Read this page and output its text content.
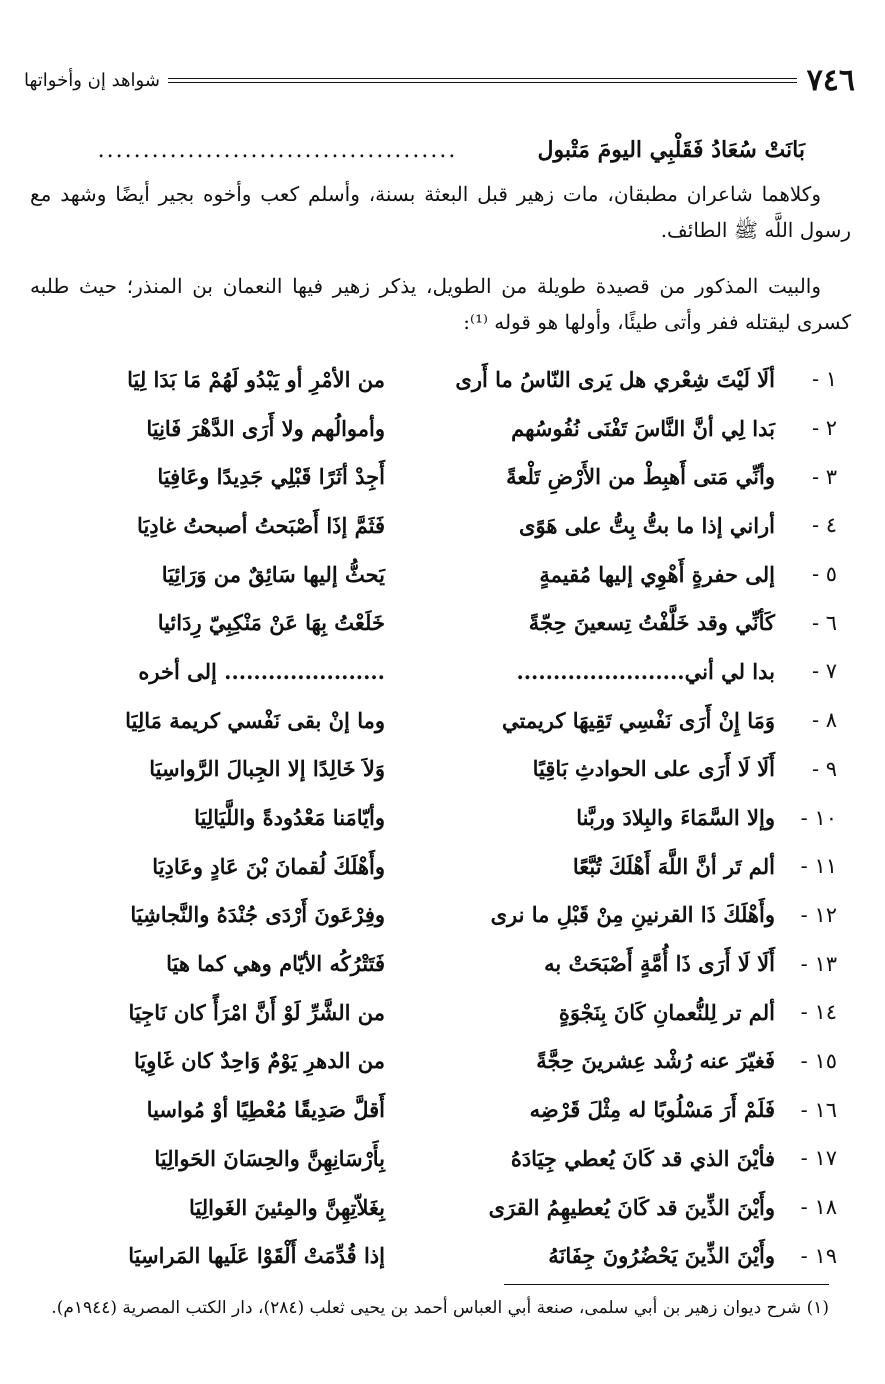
٧٤٦
شواهد إن وأخواتها
بَانَتْ سُعَادُ فَقَلْبِي اليومَ مَتْبول
........................................
وكلاهما شاعران مطبقان، مات زهير قبل البعثة بسنة، وأسلم كعب وأخوه بجير أيضًا وشهد مع رسول اللَّه ﷺ الطائف.
والبيت المذكور من قصيدة طويلة من الطويل، يذكر زهير فيها النعمان بن المنذر؛ حيث طلبه كسرى ليقتله ففر وأتى طيئًا، وأولها هو قوله ⁽¹⁾:
١ -
ألَا لَيْتَ شِعْري هل يَرى النّاسُ ما أَرى
من الأمْرِ أو يَبْدُو لَهُمْ مَا بَدَا لِيَا
٢ -
بَدا لِي أنَّ النَّاسَ تَفْنَى نُفُوسُهم
وأموالُهم ولا أَرَى الدَّهْرَ فَانِيَا
٣ -
وأنِّي مَتى أَهبِطْ من الأَرْضِ تَلْعةً
أَجِدْ أثَرًا قَبْلِي جَدِيدًا وعَافِيَا
٤ -
أراني إذا ما بتُّ بِتُّ على هَوًى
فَثَمَّ إذَا أَصْبَحتُ أصبحتُ غادِيَا
٥ -
إلى حفرةٍ أَهْوِي إليها مُقيمةٍ
يَحثُّ إليها سَائِقٌ من وَرَائِيَا
٦ -
كَأنِّي وقد خَلَّفْتُ تِسعينَ حِجّةً
خَلَعْتُ بِهَا عَنْ مَنْكِبِيّ رِدَائيا
٧ -
بدا لي أني.......................
...................... إلى أخره
٨ -
وَمَا إِنْ أَرَى نَفْسِي تَقِيهَا كريمتي
وما إنْ بقى نَفْسي كريمة مَالِيَا
٩ -
أَلَا لَا أَرَى على الحوادثِ بَاقِيًا
وَلاَ خَالِدًا إلا الجِبالَ الرَّواسِيَا
١٠ -
وإلا السَّمَاءَ والبِلادَ وربَّنا
وأيّامَنا مَعْدُودةً واللَّيَالِيَا
١١ -
ألم تَر أنَّ اللَّهَ أَهْلَكَ تُبَّعًا
وأَهْلَكَ لُقمانَ بْنَ عَادٍ وعَادِيَا
١٢ -
وأَهْلَكَ ذَا القرنينِ مِنْ قَبْلِ ما نرى
وفِرْعَونَ أَرْدَى جُنْدَهُ والنَّجاشِيَا
١٣ -
أَلَا لَا أَرَى ذَا أُمَّةٍ أَصْبَحَتْ به
فَتَتْرُكُه الأيّام وهي كما هيَا
١٤ -
ألم تر لِلنُّعمانِ كَانَ بِنَجْوَةٍ
من الشَّرِّ لَوْ أَنَّ امْرَأً كان نَاجِيَا
١٥ -
فَغيّرَ عنه رُشْد عِشرينَ حِجَّةً
من الدهرِ يَوْمٌ وَاحِدٌ كان غَاوِيَا
١٦ -
فَلَمْ أَرَ مَسْلُوبًا له مِثْلَ قَرْضِه
أَقلَّ صَدِيقًا مُعْطِيًا أوْ مُواسيا
١٧ -
فأيْنَ الذي قد كَانَ يُعطي جِيَادَهُ
بِأَرْسَانِهِنَّ والحِسَانَ الحَوالِيَا
١٨ -
وأَيْنَ الذِّينَ قد كَانَ يُعطيهِمُ القرَى
بِغَلاّتِهِنَّ والمِئينَ الغَوالِيَا
١٩ -
وأَيْنَ الذِّينَ يَحْضُرُونَ جِفَانَهُ
إذا قُدِّمَتْ أَلْقَوْا عَلَيها المَراسِيَا
(١) شرح ديوان زهير بن أبي سلمى، صنعة أبي العباس أحمد بن يحيى ثعلب (٢٨٤)، دار الكتب المصرية (١٩٤٤م).
